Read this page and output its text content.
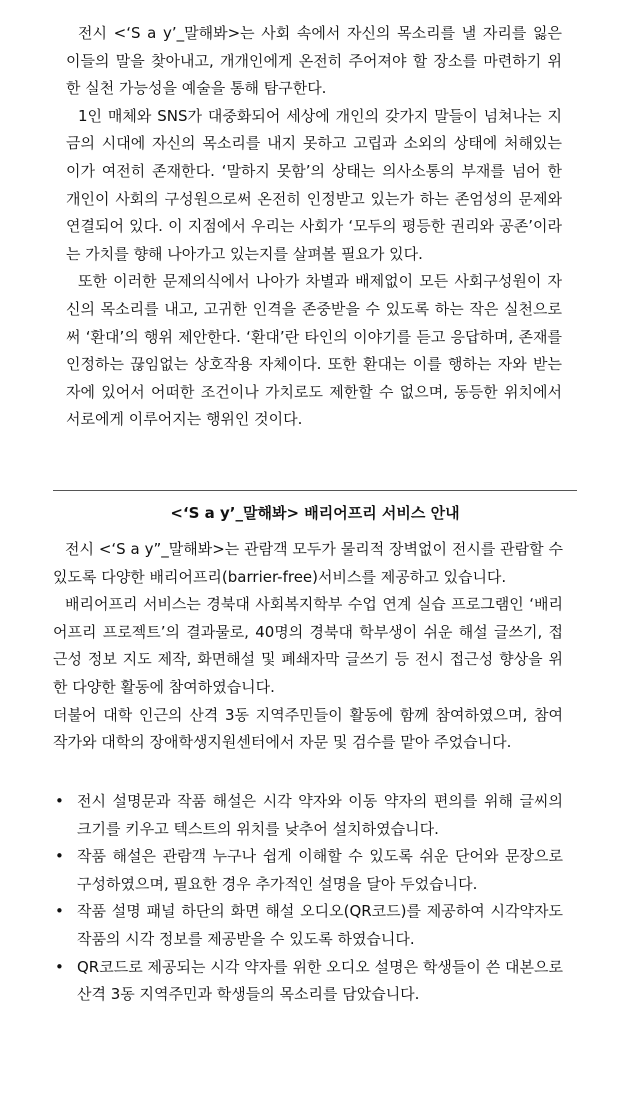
전시 <‘S a y’_말해봐>는 사회 속에서 자신의 목소리를 낼 자리를 잃은 이들의 말을 찾아내고, 개개인에게 온전히 주어져야 할 장소를 마련하기 위한 실천 가능성을 예술을 통해 탐구한다.

1인 매체와 SNS가 대중화되어 세상에 개인의 갖가지 말들이 넘쳐나는 지금의 시대에 자신의 목소리를 내지 못하고 고립과 소외의 상태에 처해있는 이가 여전히 존재한다. ‘말하지 못함’의 상태는 의사소통의 부재를 넘어 한 개인이 사회의 구성원으로써 온전히 인정받고 있는가 하는 존엄성의 문제와 연결되어 있다. 이 지점에서 우리는 사회가 ‘모두의 평등한 권리와 공존’이라는 가치를 향해 나아가고 있는지를 살펴볼 필요가 있다.

또한 이러한 문제의식에서 나아가 차별과 배제없이 모든 사회구성원이 자신의 목소리를 내고, 고귀한 인격을 존중받을 수 있도록 하는 작은 실천으로써 ‘환대’의 행위 제안한다. ‘환대’란 타인의 이야기를 듣고 응답하며, 존재를 인정하는 끊임없는 상호작용 자체이다. 또한 환대는 이를 행하는 자와 받는 자에 있어서 어떠한 조건이나 가치로도 제한할 수 없으며, 동등한 위치에서 서로에게 이루어지는 행위인 것이다.

<‘S a y’_말해봐> 배리어프리 서비스 안내

전시 <‘S a y”_말해봐>는 관람객 모두가 물리적 장벽없이 전시를 관람할 수 있도록 다양한 배리어프리(barrier-free)서비스를 제공하고 있습니다.

배리어프리 서비스는 경북대 사회복지학부 수업 연계 실습 프로그램인 ‘배리어프리 프로젝트’의 결과물로, 40명의 경북대 학부생이 쉬운 해설 글쓰기, 접근성 정보 지도 제작, 화면해설 및 폐쇄자막 글쓰기 등 전시 접근성 향상을 위한 다양한 활동에 참여하였습니다.

더불어 대학 인근의 산격 3동 지역주민들이 활동에 함께 참여하였으며, 참여 작가와 대학의 장애학생지원센터에서 자문 및 검수를 맡아 주었습니다.

• 전시 설명문과 작품 해설은 시각 약자와 이동 약자의 편의를 위해 글씨의 크기를 키우고 텍스트의 위치를 낮추어 설치하였습니다.
• 작품 해설은 관람객 누구나 쉽게 이해할 수 있도록 쉬운 단어와 문장으로 구성하였으며, 필요한 경우 추가적인 설명을 달아 두었습니다.
• 작품 설명 패널 하단의 화면 해설 오디오(QR코드)를 제공하여 시각약자도 작품의 시각 정보를 제공받을 수 있도록 하였습니다.
• QR코드로 제공되는 시각 약자를 위한 오디오 설명은 학생들이 쓴 대본으로 산격 3동 지역주민과 학생들의 목소리를 담았습니다.
